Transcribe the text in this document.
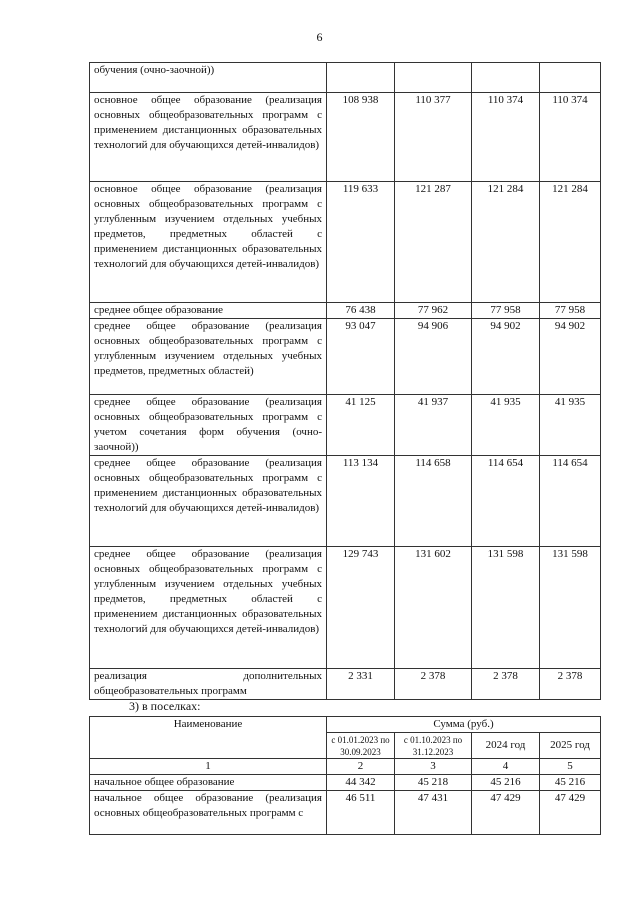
6
обучения (очно-заочной))				
основное общее образование (реализация основных общеобразовательных программ с применением дистанционных образовательных технологий для обучающихся детей-инвалидов)	108 938	110 377	110 374	110 374
основное общее образование (реализация основных общеобразовательных программ с углубленным изучением отдельных учебных предметов, предметных областей с применением дистанционных образовательных технологий для обучающихся детей-инвалидов)	119 633	121 287	121 284	121 284
среднее общее образование	76 438	77 962	77 958	77 958
среднее общее образование (реализация основных общеобразовательных программ с углубленным изучением отдельных учебных предметов, предметных областей)	93 047	94 906	94 902	94 902
среднее общее образование (реализация основных общеобразовательных программ с учетом сочетания форм обучения (очно-заочной))	41 125	41 937	41 935	41 935
среднее общее образование (реализация основных общеобразовательных программ с применением дистанционных образовательных технологий для обучающихся детей-инвалидов)	113 134	114 658	114 654	114 654
среднее общее образование (реализация основных общеобразовательных программ с углубленным изучением отдельных учебных предметов, предметных областей с применением дистанционных образовательных технологий для обучающихся детей-инвалидов)	129 743	131 602	131 598	131 598
реализация дополнительных общеобразовательных программ	2 331	2 378	2 378	2 378
3) в поселках:
Наименование	Сумма (руб.)			
	с 01.01.2023 по 30.09.2023	с 01.10.2023 по 31.12.2023	2024 год	2025 год
1	2	3	4	5
начальное общее образование	44 342	45 218	45 216	45 216
начальное общее образование (реализация основных общеобразовательных программ с	46 511	47 431	47 429	47 429
